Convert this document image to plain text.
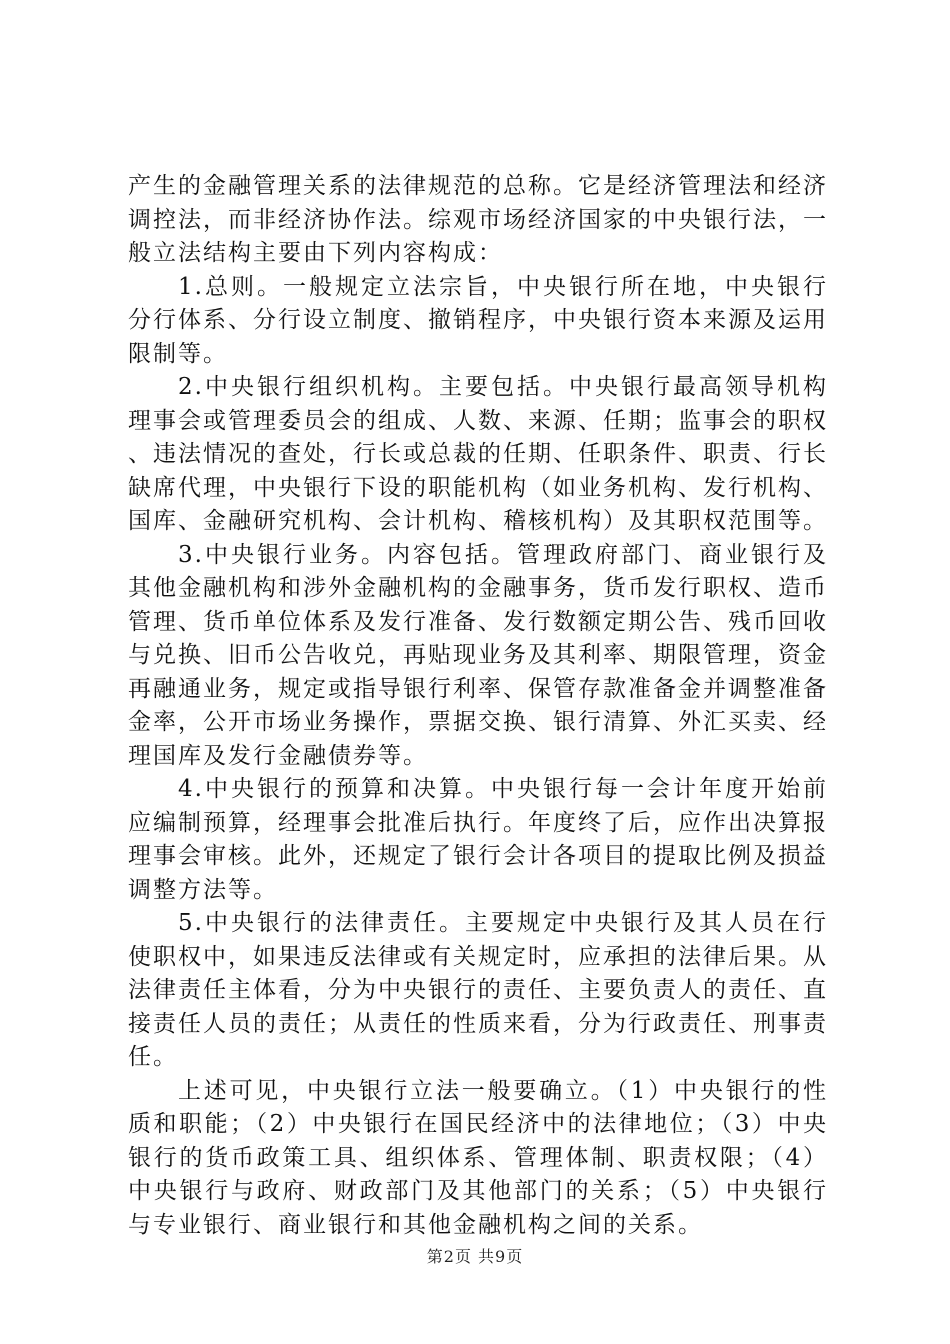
产生的金融管理关系的法律规范的总称。它是经济管理法和经济调控法，而非经济协作法。综观市场经济国家的中央银行法，一般立法结构主要由下列内容构成：

1.总则。一般规定立法宗旨，中央银行所在地，中央银行分行体系、分行设立制度、撤销程序，中央银行资本来源及运用限制等。

2.中央银行组织机构。主要包括。中央银行最高领导机构理事会或管理委员会的组成、人数、来源、任期；监事会的职权、违法情况的查处，行长或总裁的任期、任职条件、职责、行长缺席代理，中央银行下设的职能机构（如业务机构、发行机构、国库、金融研究机构、会计机构、稽核机构）及其职权范围等。

3.中央银行业务。内容包括。管理政府部门、商业银行及其他金融机构和涉外金融机构的金融事务，货币发行职权、造币管理、货币单位体系及发行准备、发行数额定期公告、残币回收与兑换、旧币公告收兑，再贴现业务及其利率、期限管理，资金再融通业务，规定或指导银行利率、保管存款准备金并调整准备金率，公开市场业务操作，票据交换、银行清算、外汇买卖、经理国库及发行金融债券等。

4.中央银行的预算和决算。中央银行每一会计年度开始前应编制预算，经理事会批准后执行。年度终了后，应作出决算报理事会审核。此外，还规定了银行会计各项目的提取比例及损益调整方法等。

5.中央银行的法律责任。主要规定中央银行及其人员在行使职权中，如果违反法律或有关规定时，应承担的法律后果。从法律责任主体看，分为中央银行的责任、主要负责人的责任、直接责任人员的责任；从责任的性质来看，分为行政责任、刑事责任。

上述可见，中央银行立法一般要确立。（1）中央银行的性质和职能；（2）中央银行在国民经济中的法律地位；（3）中央银行的货币政策工具、组织体系、管理体制、职责权限；（4）中央银行与政府、财政部门及其他部门的关系；（5）中央银行与专业银行、商业银行和其他金融机构之间的关系。

第2页 共9页
